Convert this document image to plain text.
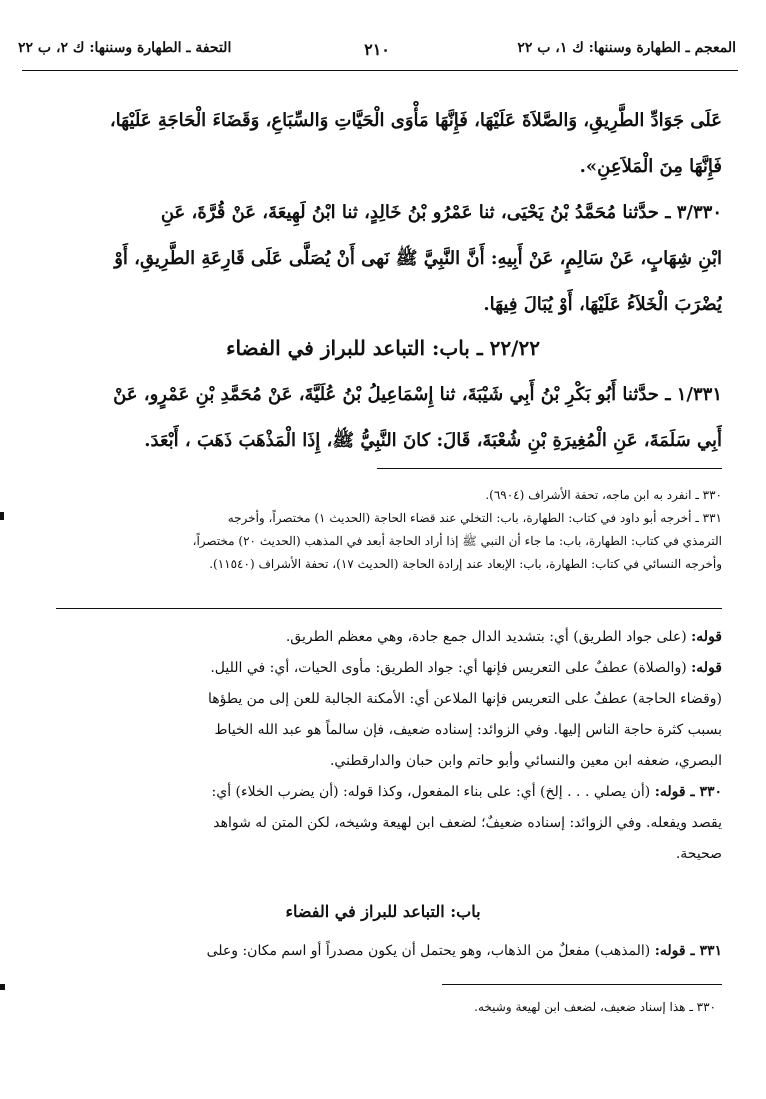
المعجم ـ الطهارة وسننها: ك ١، ب ٢٢
٢١٠
التحفة ـ الطهارة وسننها: ك ٢، ب ٢٢
عَلَى جَوَادِّ الطَّرِيقِ، وَالصَّلاَةَ عَلَيْهَا، فَإِنَّهَا مَأْوَى الْحَيَّاتِ وَالسِّبَاعِ، وَقَضَاءَ الْحَاجَةِ عَلَيْهَا،
فَإِنَّهَا مِنَ الْمَلاَعِنِ».
٣/٣٣٠ ـ حدَّثنا مُحَمَّدُ بْنُ يَحْيَى، ثنا عَمْرُو بْنُ خَالِدٍ، ثنا ابْنُ لَهِيعَةَ، عَنْ قُرَّةَ، عَنِ
ابْنِ شِهَابٍ، عَنْ سَالِمٍ، عَنْ أَبِيهِ: أَنَّ النَّبِيَّ ﷺ نَهى أَنْ يُصَلَّى عَلَى قَارِعَةِ الطَّرِيقِ، أَوْ
يُضْرَبَ الْخَلاَءُ عَلَيْهَا، أَوْ يُبَالَ فِيهَا.
٢٢/٢٢ ـ باب: التباعد للبراز في الفضاء
١/٣٣١ ـ حدَّثنا أَبُو بَكْرِ بْنُ أَبِي شَيْبَةَ، ثنا إِسْمَاعِيلُ بْنُ عُلَيَّةَ، عَنْ مُحَمَّدِ بْنِ عَمْرٍو، عَنْ
أَبِي سَلَمَةَ، عَنِ الْمُغِيرَةِ بْنِ شُعْبَةَ، قَالَ: كانَ النَّبِيُّ ﷺ، إِذَا الْمَذْهَبَ ذَهَبَ ، أَبْعَدَ.
٣٣٠ ـ انفرد به ابن ماجه، تحفة الأشراف (٦٩٠٤).
٣٣١ ـ أخرجه أبو داود في كتاب: الطهارة، باب: التخلي عند قضاء الحاجة (الحديث ١) مختصراً، وأخرجه
الترمذي في كتاب: الطهارة، باب: ما جاء أن النبي ﷺ إذا أراد الحاجة أبعد في المذهب (الحديث ٢٠) مختصراً،
وأخرجه النسائي في كتاب: الطهارة، باب: الإبعاد عند إرادة الحاجة (الحديث ١٧)، تحفة الأشراف (١١٥٤٠).
قوله: (على جواد الطريق) أي: بتشديد الدال جمع جادة، وهي معظم الطريق.
قوله: (والصلاة) عطفٌ على التعريس فإنها أي: جواد الطريق: مأوى الحيات، أي: في الليل.
(وقضاء الحاجة) عطفٌ على التعريس فإنها الملاعن أي: الأمكنة الجالبة للعن إلى من يطؤها
بسبب كثرة حاجة الناس إليها. وفي الزوائد: إسناده ضعيف، فإن سالماً هو عبد الله الخياط
البصري، ضعفه ابن معين والنسائي وأبو حاتم وابن حبان والدارقطني.
٣٣٠ ـ قوله: (أن يصلي . . . إلخ) أي: على بناء المفعول، وكذا قوله: (أن يضرب الخلاء) أي:
يقصد ويفعله. وفي الزوائد: إسناده ضعيفٌ؛ لضعف ابن لهيعة وشيخه، لكن المتن له شواهد
صحيحة.
باب: التباعد للبراز في الفضاء
٣٣١ ـ قوله: (المذهب) مفعلٌ من الذهاب، وهو يحتمل أن يكون مصدراً أو اسم مكان: وعلى
٣٣٠ ـ هذا إسناد ضعيف، لضعف ابن لهيعة وشيخه.
